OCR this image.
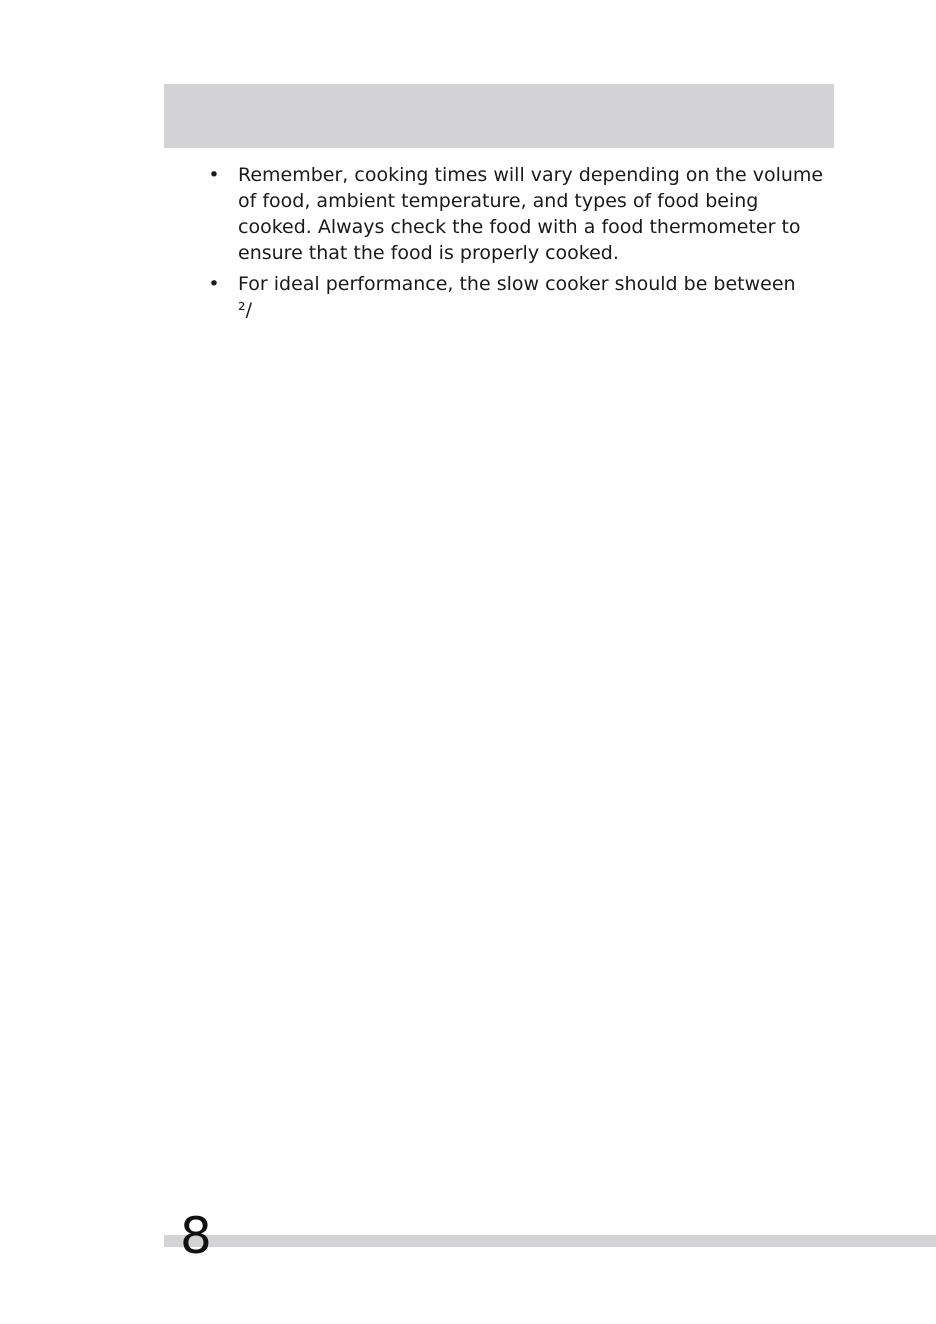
• Remember, cooking times will vary depending on the volume of food, ambient temperature, and types of food being cooked. Always check the food with a food thermometer to ensure that the food is properly cooked.
• For ideal performance, the slow cooker should be between
²/
8
